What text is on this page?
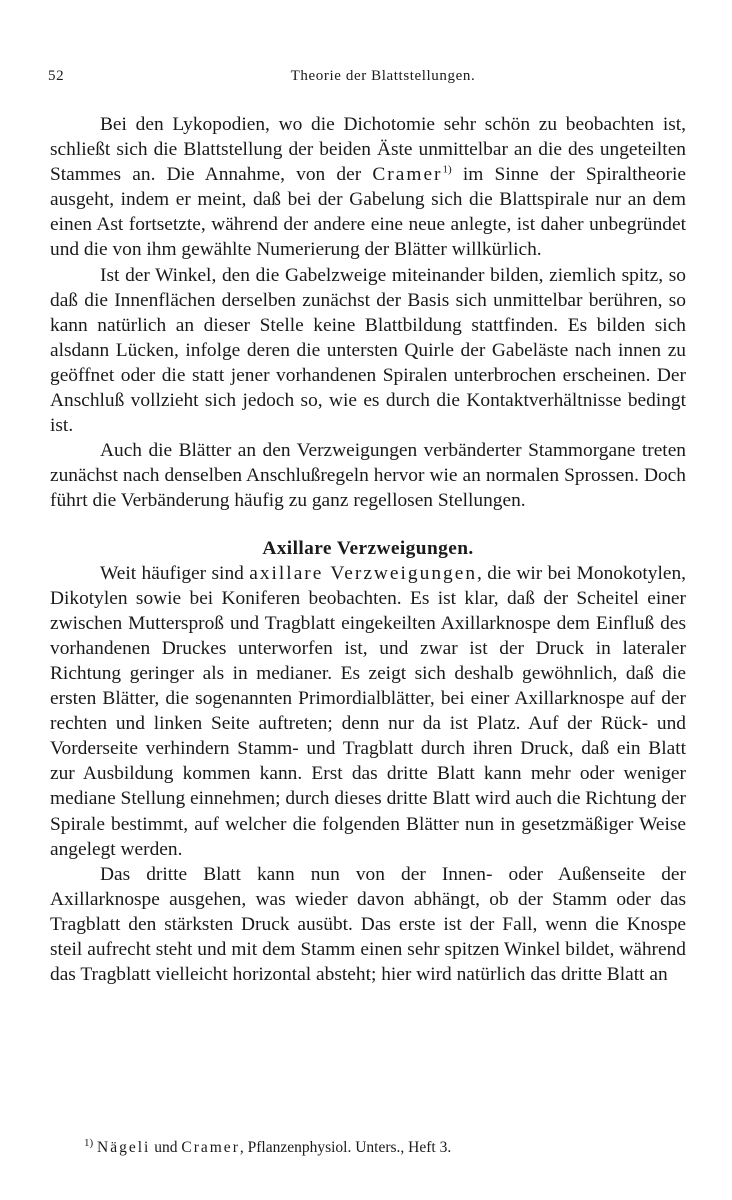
52	Theorie der Blattstellungen.

Bei den Lykopodien, wo die Dichotomie sehr schön zu beobachten ist, schließt sich die Blattstellung der beiden Äste unmittelbar an die des ungeteilten Stammes an. Die Annahme, von der Cramer$^{1)}$ im Sinne der Spiraltheorie ausgeht, indem er meint, daß bei der Gabelung sich die Blattspirale nur an dem einen Ast fortsetzte, während der andere eine neue anlegte, ist daher unbegründet und die von ihm gewählte Numerierung der Blätter willkürlich.

Ist der Winkel, den die Gabelzweige miteinander bilden, ziemlich spitz, so daß die Innenflächen derselben zunächst der Basis sich unmittelbar berühren, so kann natürlich an dieser Stelle keine Blattbildung stattfinden. Es bilden sich alsdann Lücken, infolge deren die untersten Quirle der Gabeläste nach innen zu geöffnet oder die statt jener vorhandenen Spiralen unterbrochen erscheinen. Der Anschluß vollzieht sich jedoch so, wie es durch die Kontaktverhältnisse bedingt ist.

Auch die Blätter an den Verzweigungen verbänderter Stammorgane treten zunächst nach denselben Anschlußregeln hervor wie an normalen Sprossen. Doch führt die Verbänderung häufig zu ganz regellosen Stellungen.

Axillare Verzweigungen.

Weit häufiger sind axillare Verzweigungen, die wir bei Monokotylen, Dikotylen sowie bei Koniferen beobachten. Es ist klar, daß der Scheitel einer zwischen Muttersproß und Tragblatt eingekeilten Axillarknospe dem Einfluß des vorhandenen Druckes unterworfen ist, und zwar ist der Druck in lateraler Richtung geringer als in medianer. Es zeigt sich deshalb gewöhnlich, daß die ersten Blätter, die sogenannten Primordialblätter, bei einer Axillarknospe auf der rechten und linken Seite auftreten; denn nur da ist Platz. Auf der Rück- und Vorderseite verhindern Stamm- und Tragblatt durch ihren Druck, daß ein Blatt zur Ausbildung kommen kann. Erst das dritte Blatt kann mehr oder weniger mediane Stellung einnehmen; durch dieses dritte Blatt wird auch die Richtung der Spirale bestimmt, auf welcher die folgenden Blätter nun in gesetzmäßiger Weise angelegt werden.

Das dritte Blatt kann nun von der Innen- oder Außenseite der Axillarknospe ausgehen, was wieder davon abhängt, ob der Stamm oder das Tragblatt den stärksten Druck ausübt. Das erste ist der Fall, wenn die Knospe steil aufrecht steht und mit dem Stamm einen sehr spitzen Winkel bildet, während das Tragblatt vielleicht horizontal absteht; hier wird natürlich das dritte Blatt an

$^{1)}$ Nägeli und Cramer, Pflanzenphysiol. Unters., Heft 3.
